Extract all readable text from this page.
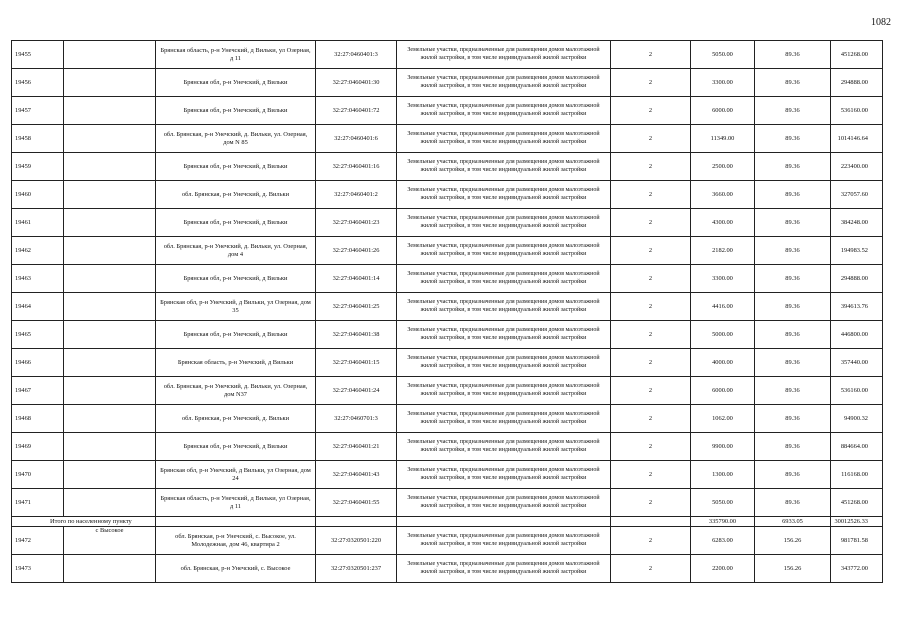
1082
19455		Брянская область, р-н Унечский, д Вильки, ул Озерная, д 11	32:27:0460401:3	Земельные участки, предназначенные для размещения домов малоэтажной жилой застройки, в том числе индивидуальной жилой застройки	2	5050.00	89.36	451268.00
19456		Брянская обл, р-н Унечский, д Вильки	32:27:0460401:30	Земельные участки, предназначенные для размещения домов малоэтажной жилой застройки, в том числе индивидуальной жилой застройки	2	3300.00	89.36	294888.00
19457		Брянская обл, р-н Унечский, д Вильки	32:27:0460401:72	Земельные участки, предназначенные для размещения домов малоэтажной жилой застройки, в том числе индивидуальной жилой застройки	2	6000.00	89.36	536160.00
19458		обл. Брянская, р-н Унечский, д. Вильки, ул. Озерная, дом N 85	32:27:0460401:6	Земельные участки, предназначенные для размещения домов малоэтажной жилой застройки, в том числе индивидуальной жилой застройки	2	11349.00	89.36	1014146.64
19459		Брянская обл, р-н Унечский, д Вильки	32:27:0460401:16	Земельные участки, предназначенные для размещения домов малоэтажной жилой застройки, в том числе индивидуальной жилой застройки	2	2500.00	89.36	223400.00
19460		обл. Брянская, р-н Унечский, д. Вильки	32:27:0460401:2	Земельные участки, предназначенные для размещения домов малоэтажной жилой застройки, в том числе индивидуальной жилой застройки	2	3660.00	89.36	327057.60
19461		Брянская обл, р-н Унечский, д Вильки	32:27:0460401:23	Земельные участки, предназначенные для размещения домов малоэтажной жилой застройки, в том числе индивидуальной жилой застройки	2	4300.00	89.36	384248.00
19462		обл. Брянская, р-н Унечский, д. Вильки, ул. Озерная, дом 4	32:27:0460401:26	Земельные участки, предназначенные для размещения домов малоэтажной жилой застройки, в том числе индивидуальной жилой застройки	2	2182.00	89.36	194983.52
19463		Брянская обл, р-н Унечский, д Вильки	32:27:0460401:14	Земельные участки, предназначенные для размещения домов малоэтажной жилой застройки, в том числе индивидуальной жилой застройки	2	3300.00	89.36	294888.00
19464		Брянская обл, р-н Унечский, д Вильки, ул Озерная, дом 35	32:27:0460401:25	Земельные участки, предназначенные для размещения домов малоэтажной жилой застройки, в том числе индивидуальной жилой застройки	2	4416.00	89.36	394613.76
19465		Брянская обл, р-н Унечский, д Вильки	32:27:0460401:38	Земельные участки, предназначенные для размещения домов малоэтажной жилой застройки, в том числе индивидуальной жилой застройки	2	5000.00	89.36	446800.00
19466		Брянская область, р-н Унечский, д Вильки	32:27:0460401:15	Земельные участки, предназначенные для размещения домов малоэтажной жилой застройки, в том числе индивидуальной жилой застройки	2	4000.00	89.36	357440.00
19467		обл. Брянская, р-н Унечский, д. Вильки, ул. Озерная, дом N37	32:27:0460401:24	Земельные участки, предназначенные для размещения домов малоэтажной жилой застройки, в том числе индивидуальной жилой застройки	2	6000.00	89.36	536160.00
19468		обл. Брянская, р-н Унечский, д. Вильки	32:27:0460701:3	Земельные участки, предназначенные для размещения домов малоэтажной жилой застройки, в том числе индивидуальной жилой застройки	2	1062.00	89.36	94900.32
19469		Брянская обл, р-н Унечский, д Вильки	32:27:0460401:21	Земельные участки, предназначенные для размещения домов малоэтажной жилой застройки, в том числе индивидуальной жилой застройки	2	9900.00	89.36	884664.00
19470		Брянская обл, р-н Унечский, д Вильки, ул Озерная, дом 24	32:27:0460401:43	Земельные участки, предназначенные для размещения домов малоэтажной жилой застройки, в том числе индивидуальной жилой застройки	2	1300.00	89.36	116168.00
19471		Брянская область, р-н Унечский, д Вильки, ул Озерная, д 11	32:27:0460401:55	Земельные участки, предназначенные для размещения домов малоэтажной жилой застройки, в том числе индивидуальной жилой застройки	2	5050.00	89.36	451268.00
Итого по населенному пункту						335790.00	6933.05	30012526.33
19472	с Высокое	обл. Брянская, р-н Унечский, с. Высокое, ул. Молодежная, дом 46, квартира 2	32:27:0320501:220	Земельные участки, предназначенные для размещения домов малоэтажной жилой застройки, в том числе индивидуальной жилой застройки	2	6283.00	156.26	981781.58
19473		обл. Брянская, р-н Унечский, с. Высокое	32:27:0320501:237	Земельные участки, предназначенные для размещения домов малоэтажной жилой застройки, в том числе индивидуальной жилой застройки	2	2200.00	156.26	343772.00
